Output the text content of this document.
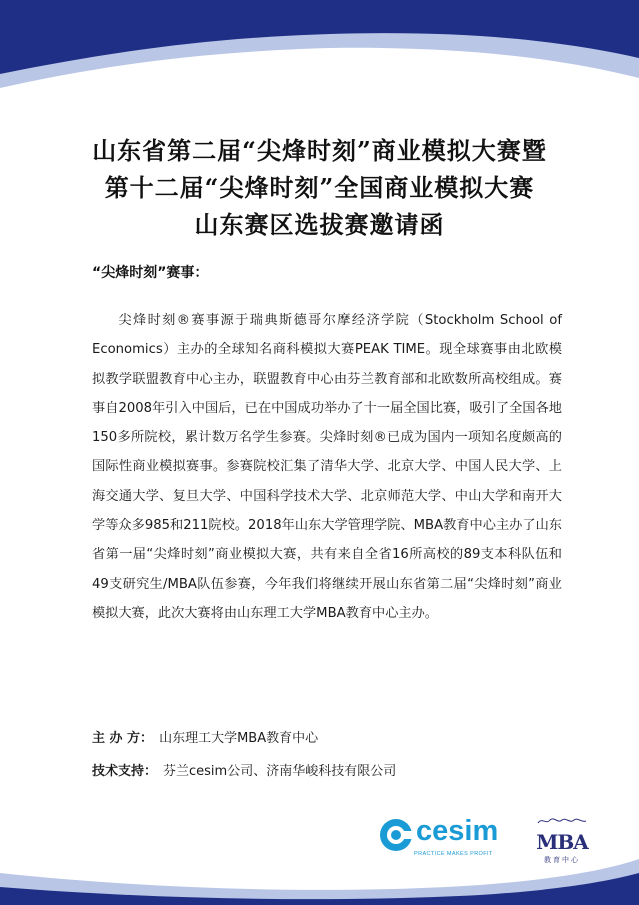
山东省第二届“尖烽时刻”商业模拟大赛暨
第十二届“尖烽时刻”全国商业模拟大赛
山东赛区选拔赛邀请函
“尖烽时刻”赛事：

尖烽时刻®赛事源于瑞典斯德哥尔摩经济学院（Stockholm School of Economics）主办的全球知名商科模拟大赛PEAK TIME。现全球赛事由北欧模拟教学联盟教育中心主办，联盟教育中心由芬兰教育部和北欧数所高校组成。赛事自2008年引入中国后，已在中国成功举办了十一届全国比赛，吸引了全国各地150多所院校，累计数万名学生参赛。尖烽时刻®已成为国内一项知名度颇高的国际性商业模拟赛事。参赛院校汇集了清华大学、北京大学、中国人民大学、上海交通大学、复旦大学、中国科学技术大学、北京师范大学、中山大学和南开大学等众多985和211院校。2018年山东大学管理学院、MBA教育中心主办了山东省第一届“尖烽时刻”商业模拟大赛，共有来自全省16所高校的89支本科队伍和49支研究生/MBA队伍参赛，今年我们将继续开展山东省第二届“尖烽时刻”商业模拟大赛，此次大赛将由山东理工大学MBA教育中心主办。

主 办 方： 山东理工大学MBA教育中心
技术支持： 芬兰cesim公司、济南华峻科技有限公司
cesim
PRACTICE MAKES PROFIT	MBA
教育中心
